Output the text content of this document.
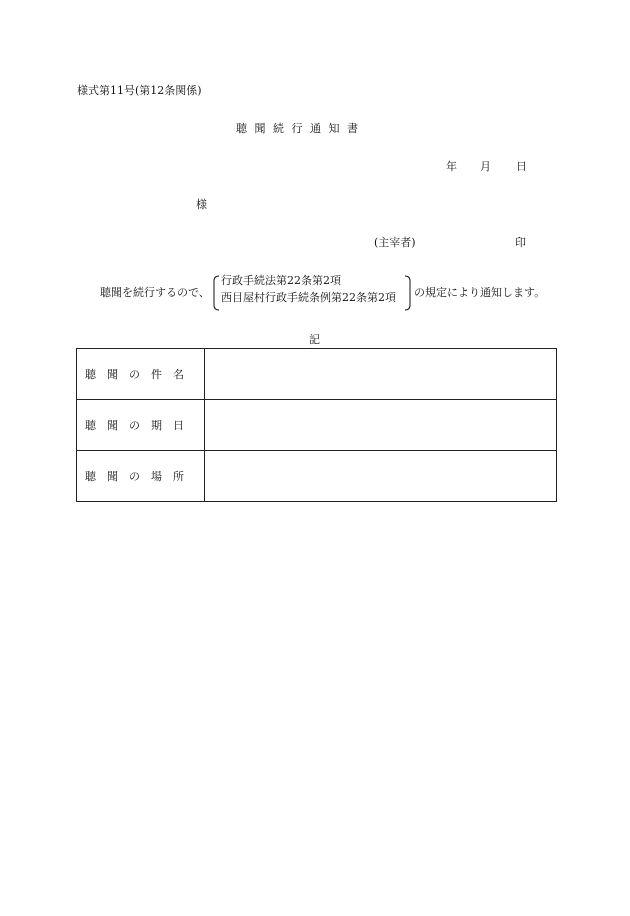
様式第11号(第12条関係)
聴 聞 続 行 通 知 書
年 月 日
様
(主宰者)	印
聴聞を続行するので、
行政手続法第22条第2項
西目屋村行政手続条例第22条第2項 の規定により通知します。
記
聴聞の件名	
聴聞の期日	
聴聞の場所	
